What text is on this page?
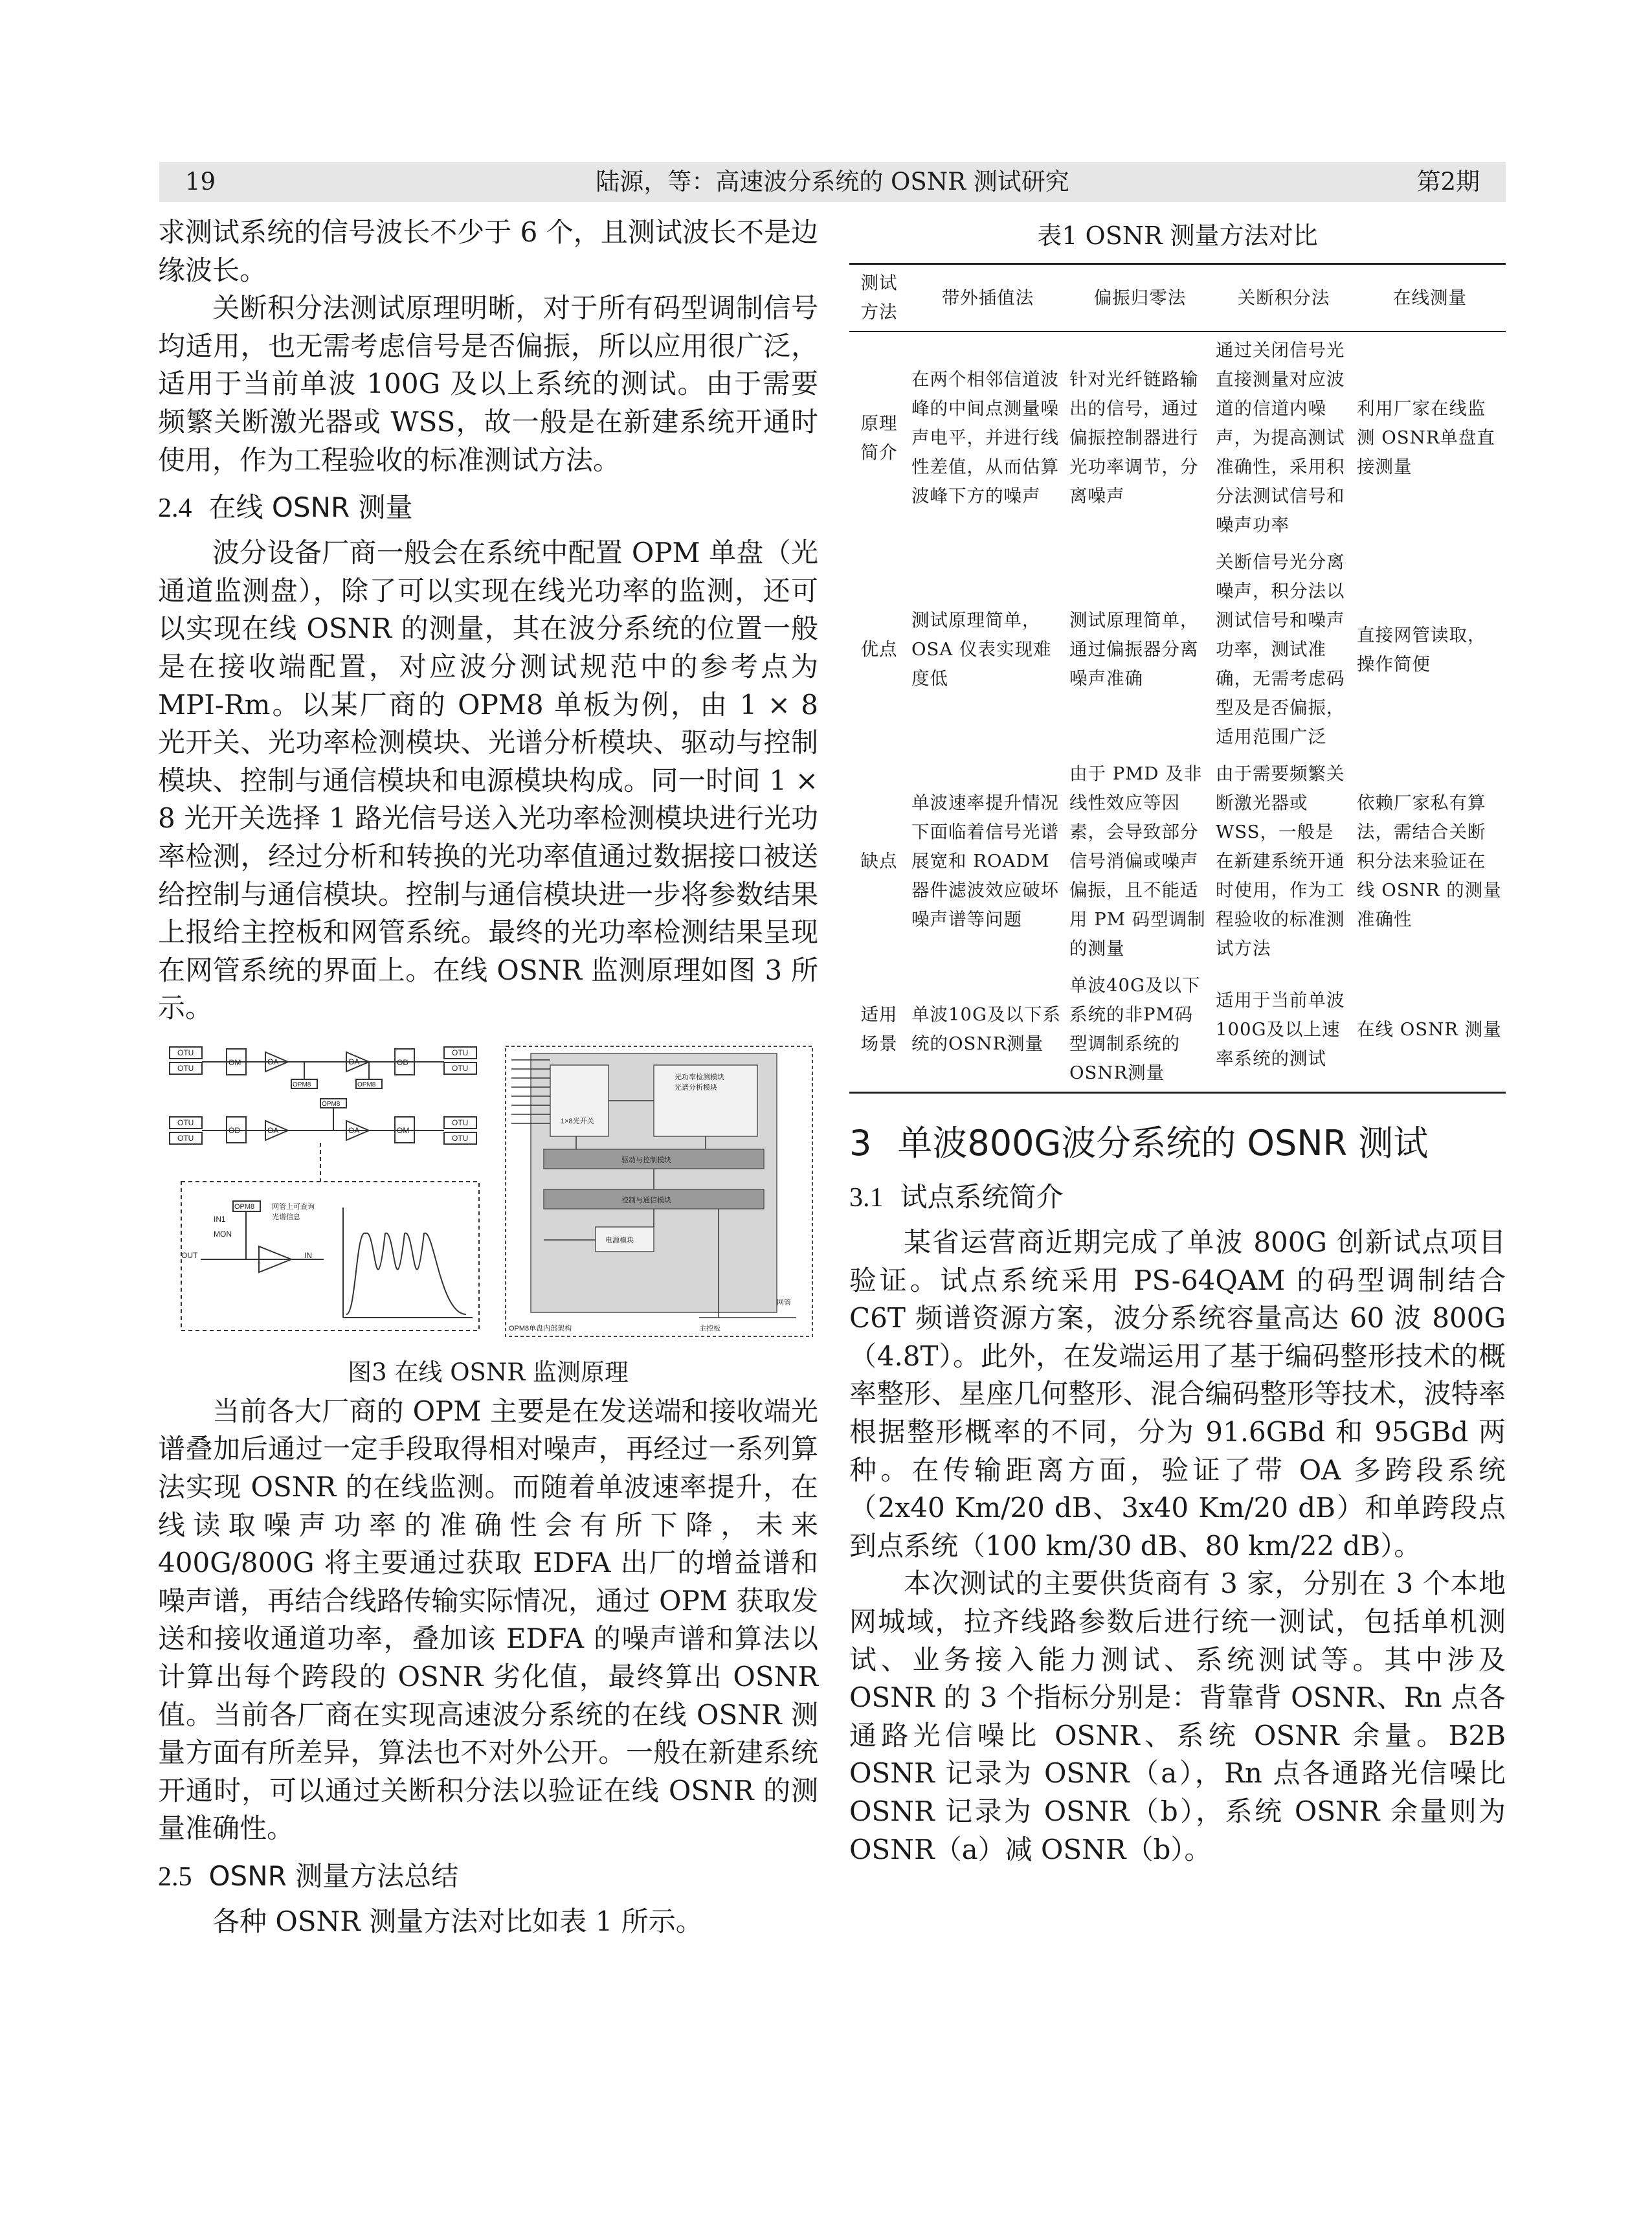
19	陆源，等：高速波分系统的 OSNR 测试研究	第2期

求测试系统的信号波长不少于 6 个，且测试波长不是边缘波长。

关断积分法测试原理明晰，对于所有码型调制信号均适用，也无需考虑信号是否偏振，所以应用很广泛，适用于当前单波 100G 及以上系统的测试。由于需要频繁关断激光器或 WSS，故一般是在新建系统开通时使用，作为工程验收的标准测试方法。

2.4 在线 OSNR 测量

波分设备厂商一般会在系统中配置 OPM 单盘（光通道监测盘），除了可以实现在线光功率的监测，还可以实现在线 OSNR 的测量，其在波分系统的位置一般是在接收端配置，对应波分测试规范中的参考点为 MPI-Rm。以某厂商的 OPM8 单板为例，由 1 × 8 光开关、光功率检测模块、光谱分析模块、驱动与控制模块、控制与通信模块和电源模块构成。同一时间 1 × 8 光开关选择 1 路光信号送入光功率检测模块进行光功率检测，经过分析和转换的光功率值通过数据接口被送给控制与通信模块。控制与通信模块进一步将参数结果上报给主控板和网管系统。最终的光功率检测结果呈现在网管系统的界面上。在线 OSNR 监测原理如图 3 所示。

OTU
OTU
OTU
OTU
OTU
OTU
OTU
OTU
OM	OD
OD	OM
OA	OA
OA	OA
OPM8	OPM8
OPM8
OPM8
IN1
MON
OUT	IN
网管上可查询
光谱信息
1×8光开关
光功率检测模块
光谱分析模块
驱动与控制模块
控制与通信模块
电源模块
网管
主控板
OPM8单盘内部架构
图3 在线 OSNR 监测原理

当前各大厂商的 OPM 主要是在发送端和接收端光谱叠加后通过一定手段取得相对噪声，再经过一系列算法实现 OSNR 的在线监测。而随着单波速率提升，在线读取噪声功率的准确性会有所下降，未来 400G/800G 将主要通过获取 EDFA 出厂的增益谱和噪声谱，再结合线路传输实际情况，通过 OPM 获取发送和接收通道功率，叠加该 EDFA 的噪声谱和算法以计算出每个跨段的 OSNR 劣化值，最终算出 OSNR 值。当前各厂商在实现高速波分系统的在线 OSNR 测量方面有所差异，算法也不对外公开。一般在新建系统开通时，可以通过关断积分法以验证在线 OSNR 的测量准确性。

2.5 OSNR 测量方法总结

各种 OSNR 测量方法对比如表 1 所示。

表1 OSNR 测量方法对比
测试方法	带外插值法	偏振归零法	关断积分法	在线测量
原理简介	在两个相邻信道波峰的中间点测量噪声电平，并进行线性差值，从而估算波峰下方的噪声	针对光纤链路输出的信号，通过偏振控制器进行光功率调节，分离噪声	通过关闭信号光直接测量对应波道的信道内噪声，为提高测试准确性，采用积分法测试信号和噪声功率	利用厂家在线监测 OSNR单盘直接测量
优点	测试原理简单，OSA 仪表实现难度低	测试原理简单，通过偏振器分离噪声准确	关断信号光分离噪声，积分法以测试信号和噪声功率，测试准确，无需考虑码型及是否偏振，适用范围广泛	直接网管读取，操作简便
缺点	单波速率提升情况下面临着信号光谱展宽和 ROADM 器件滤波效应破坏噪声谱等问题	由于 PMD 及非线性效应等因素，会导致部分信号消偏或噪声偏振，且不能适用 PM 码型调制的测量	由于需要频繁关断激光器或 WSS，一般是在新建系统开通时使用，作为工程验收的标准测试方法	依赖厂家私有算法，需结合关断积分法来验证在线 OSNR 的测量准确性
适用场景	单波10G及以下系统的OSNR测量	单波40G及以下系统的非PM码型调制系统的OSNR测量	适用于当前单波100G及以上速率系统的测试	在线 OSNR 测量
3 单波800G波分系统的 OSNR 测试
3.1 试点系统简介

某省运营商近期完成了单波 800G 创新试点项目验证。试点系统采用 PS-64QAM 的码型调制结合 C6T 频谱资源方案，波分系统容量高达 60 波 800G（4.8T）。此外，在发端运用了基于编码整形技术的概率整形、星座几何整形、混合编码整形等技术，波特率根据整形概率的不同，分为 91.6GBd 和 95GBd 两种。在传输距离方面，验证了带 OA 多跨段系统（2x40 Km/20 dB、3x40 Km/20 dB）和单跨段点到点系统（100 km/30 dB、80 km/22 dB）。

本次测试的主要供货商有 3 家，分别在 3 个本地网城域，拉齐线路参数后进行统一测试，包括单机测试、业务接入能力测试、系统测试等。其中涉及 OSNR 的 3 个指标分别是：背靠背 OSNR、Rn 点各通路光信噪比 OSNR、系统 OSNR 余量。B2B OSNR 记录为 OSNR（a），Rn 点各通路光信噪比 OSNR 记录为 OSNR（b），系统 OSNR 余量则为 OSNR（a）减 OSNR（b）。
